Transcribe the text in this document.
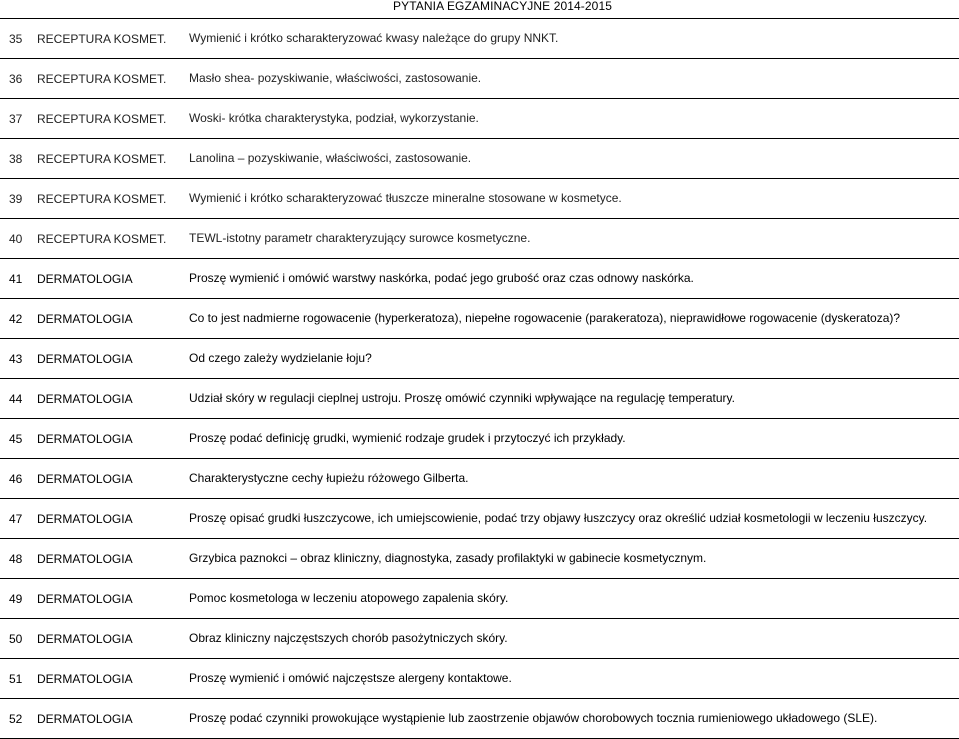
PYTANIA EGZAMINACYJNE 2014-2015
35	RECEPTURA KOSMET.	Wymienić i krótko scharakteryzować kwasy należące do grupy NNKT.
36	RECEPTURA KOSMET.	Masło shea- pozyskiwanie, właściwości, zastosowanie.
37	RECEPTURA KOSMET.	Woski- krótka charakterystyka, podział, wykorzystanie.
38	RECEPTURA KOSMET.	Lanolina – pozyskiwanie, właściwości, zastosowanie.
39	RECEPTURA KOSMET.	Wymienić i krótko scharakteryzować tłuszcze mineralne stosowane w kosmetyce.
40	RECEPTURA KOSMET.	TEWL-istotny parametr charakteryzujący surowce kosmetyczne.
41	DERMATOLOGIA	Proszę wymienić i omówić warstwy naskórka, podać jego grubość oraz czas odnowy naskórka.
42	DERMATOLOGIA	Co to jest nadmierne rogowacenie (hyperkeratoza), niepełne rogowacenie (parakeratoza), nieprawidłowe rogowacenie (dyskeratoza)?
43	DERMATOLOGIA	Od czego zależy wydzielanie łoju?
44	DERMATOLOGIA	Udział skóry w regulacji cieplnej ustroju. Proszę omówić czynniki wpływające na regulację temperatury.
45	DERMATOLOGIA	Proszę podać definicję grudki, wymienić rodzaje grudek i przytoczyć ich przykłady.
46	DERMATOLOGIA	Charakterystyczne cechy łupieżu różowego Gilberta.
47	DERMATOLOGIA	Proszę opisać grudki łuszczycowe, ich umiejscowienie, podać trzy objawy łuszczycy oraz określić udział kosmetologii w leczeniu łuszczycy.
48	DERMATOLOGIA	Grzybica paznokci – obraz kliniczny, diagnostyka, zasady profilaktyki w gabinecie kosmetycznym.
49	DERMATOLOGIA	Pomoc kosmetologa w leczeniu atopowego zapalenia skóry.
50	DERMATOLOGIA	Obraz kliniczny najczęstszych chorób pasożytniczych skóry.
51	DERMATOLOGIA	Proszę wymienić i omówić najczęstsze alergeny kontaktowe.
52	DERMATOLOGIA	Proszę podać czynniki prowokujące wystąpienie lub zaostrzenie objawów chorobowych tocznia rumieniowego układowego (SLE).
